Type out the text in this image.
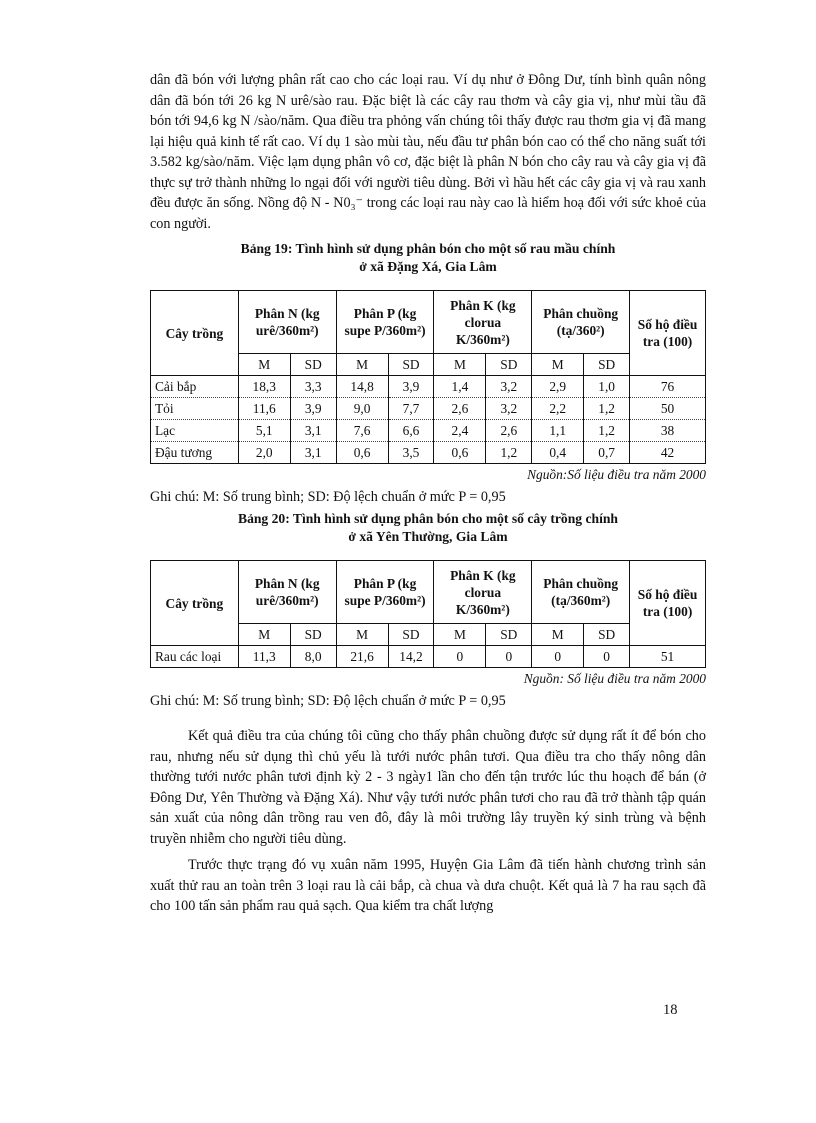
dân đã bón với lượng phân rất cao cho các loại rau. Ví dụ như ở Đông Dư, tính bình quân nông dân đã bón tới 26 kg N urê/sào rau. Đặc biệt là các cây rau thơm và cây gia vị, như mùi tầu đã bón tới 94,6 kg N /sào/năm. Qua điều tra phỏng vấn chúng tôi thấy được rau thơm gia vị đã mang lại hiệu quả kinh tế rất cao. Ví dụ 1 sào mùi tàu, nếu đầu tư phân bón cao có thể cho năng suất tới 3.582 kg/sào/năm. Việc lạm dụng phân vô cơ, đặc biệt là phân N bón cho cây rau và cây gia vị đã thực sự trở thành những lo ngại đối với người tiêu dùng. Bởi vì hầu hết các cây gia vị và rau xanh đều được ăn sống. Nồng độ N - N0₃⁻ trong các loại rau này cao là hiểm hoạ đối với sức khoẻ của con người.

Bảng 19: Tình hình sử dụng phân bón cho một số rau mầu chính
ở xã Đặng Xá, Gia Lâm
Cây trồng	Phân N (kg urê/360m²)		Phân P (kg supe P/360m²)		Phân K (kg clorua K/360m²)		Phân chuồng (tạ/360²)		Số hộ điều tra (100)
	M	SD	M	SD	M	SD	M	SD	
Cải bắp	18,3	3,3	14,8	3,9	1,4	3,2	2,9	1,0	76
Tỏi	11,6	3,9	9,0	7,7	2,6	3,2	2,2	1,2	50
Lạc	5,1	3,1	7,6	6,6	2,4	2,6	1,1	1,2	38
Đậu tương	2,0	3,1	0,6	3,5	0,6	1,2	0,4	0,7	42
Nguồn:Số liệu điều tra năm 2000
Ghi chú: M: Số trung bình; SD: Độ lệch chuẩn ở mức P = 0,95
Bảng 20: Tình hình sử dụng phân bón cho một số cây trồng chính
ở xã Yên Thường, Gia Lâm
Cây trồng	Phân N (kg urê/360m²)		Phân P (kg supe P/360m²)		Phân K (kg clorua K/360m²)		Phân chuồng (tạ/360m²)		Số hộ điều tra (100)
	M	SD	M	SD	M	SD	M	SD	
Rau các loại	11,3	8,0	21,6	14,2	0	0	0	0	51
Nguồn: Số liệu điều tra năm 2000
Ghi chú: M: Số trung bình; SD: Độ lệch chuẩn ở mức P = 0,95

Kết quả điều tra của chúng tôi cũng cho thấy phân chuồng được sử dụng rất ít để bón cho rau, nhưng nếu sử dụng thì chủ yếu là tưới nước phân tươi. Qua điều tra cho thấy nông dân thường tưới nước phân tươi định kỳ 2 - 3 ngày1 lần cho đến tận trước lúc thu hoạch để bán (ở Đông Dư, Yên Thường và Đặng Xá). Như vậy tưới nước phân tươi cho rau đã trở thành tập quán sản xuất của nông dân trồng rau ven đô, đây là môi trường lây truyền ký sinh trùng và bệnh truyền nhiễm cho người tiêu dùng.

Trước thực trạng đó vụ xuân năm 1995, Huyện Gia Lâm đã tiến hành chương trình sản xuất thử rau an toàn trên 3 loại rau là cải bắp, cà chua và dưa chuột. Kết quả là 7 ha rau sạch đã cho 100 tấn sản phẩm rau quả sạch. Qua kiểm tra chất lượng

18
